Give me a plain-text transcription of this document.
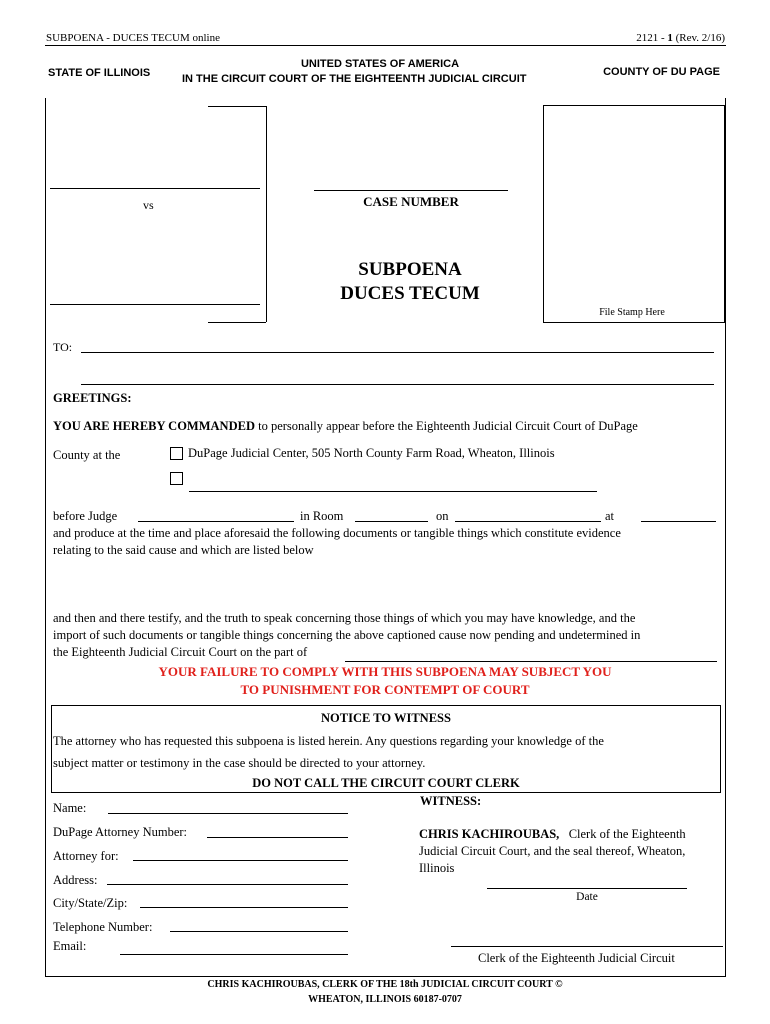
SUBPOENA - DUCES TECUM online	2121 - 1 (Rev. 2/16)
STATE OF ILLINOIS
UNITED STATES OF AMERICA
IN THE CIRCUIT COURT OF THE EIGHTEENTH JUDICIAL CIRCUIT
COUNTY OF DU PAGE
vs	CASE NUMBER
SUBPOENA
DUCES TECUM
File Stamp Here
TO:
GREETINGS:
YOU ARE HEREBY COMMANDED to personally appear before the Eighteenth Judicial Circuit Court of DuPage
County at the	DuPage Judicial Center, 505 North County Farm Road, Wheaton, Illinois
before Judge	in Room	on	at
and produce at the time and place aforesaid the following documents or tangible things which constitute evidence
relating to the said cause and which are listed below
and then and there testify, and the truth to speak concerning those things of which you may have knowledge, and the
import of such documents or tangible things concerning the above captioned cause now pending and undetermined in
the Eighteenth Judicial Circuit Court on the part of
YOUR FAILURE TO COMPLY WITH THIS SUBPOENA MAY SUBJECT YOU
TO PUNISHMENT FOR CONTEMPT OF COURT
NOTICE TO WITNESS
The attorney who has requested this subpoena is listed herein. Any questions regarding your knowledge of the
subject matter or testimony in the case should be directed to your attorney.
DO NOT CALL THE CIRCUIT COURT CLERK
Name:
DuPage Attorney Number:
Attorney for:
Address:
City/State/Zip:
Telephone Number:
Email:
WITNESS:
CHRIS KACHIROUBAS, Clerk of the Eighteenth
Judicial Circuit Court, and the seal thereof, Wheaton,
Illinois
Date
Clerk of the Eighteenth Judicial Circuit
CHRIS KACHIROUBAS, CLERK OF THE 18th JUDICIAL CIRCUIT COURT ©
WHEATON, ILLINOIS 60187-0707
